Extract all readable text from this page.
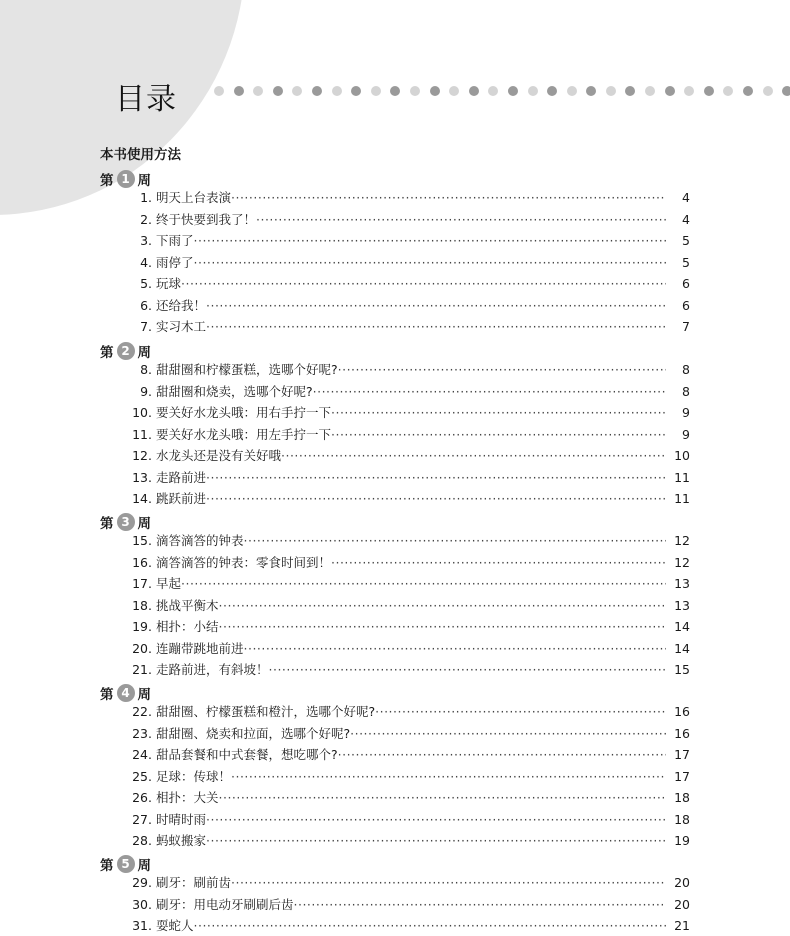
目录
本书使用方法
第 1 周
1. 明天上台表演 ·····	4
2. 终于快要到我了！ ·····	4
3. 下雨了 ·····	5
4. 雨停了 ·····	5
5. 玩球 ·····	6
6. 还给我！ ·····	6
7. 实习木工 ·····	7
第 2 周
8. 甜甜圈和柠檬蛋糕，选哪个好呢? ·····	8
9. 甜甜圈和烧卖，选哪个好呢? ·····	8
10. 要关好水龙头哦：用右手拧一下 ·····	9
11. 要关好水龙头哦：用左手拧一下 ·····	9
12. 水龙头还是没有关好哦 ·····	10
13. 走路前进 ·····	11
14. 跳跃前进 ·····	11
第 3 周
15. 滴答滴答的钟表 ·····	12
16. 滴答滴答的钟表：零食时间到！ ·····	12
17. 早起 ·····	13
18. 挑战平衡木 ·····	13
19. 相扑：小结 ·····	14
20. 连蹦带跳地前进 ·····	14
21. 走路前进，有斜坡！ ·····	15
第 4 周
22. 甜甜圈、柠檬蛋糕和橙汁，选哪个好呢? ·····	16
23. 甜甜圈、烧卖和拉面，选哪个好呢? ·····	16
24. 甜品套餐和中式套餐，想吃哪个? ·····	17
25. 足球：传球！ ·····	17
26. 相扑：大关 ·····	18
27. 时晴时雨 ·····	18
28. 蚂蚁搬家 ·····	19
第 5 周
29. 刷牙：刷前齿 ·····	20
30. 刷牙：用电动牙刷刷后齿 ·····	20
31. 耍蛇人 ·····	21
